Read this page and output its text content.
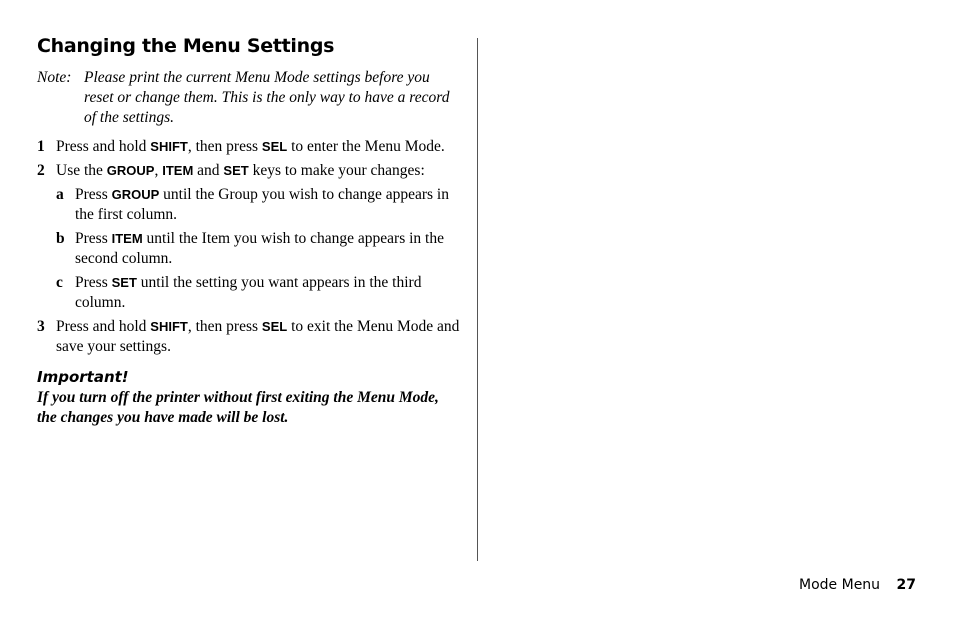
Changing the Menu Settings
Note: Please print the current Menu Mode settings before you reset or change them. This is the only way to have a record of the settings.
1 Press and hold SHIFT, then press SEL to enter the Menu Mode.
2 Use the GROUP, ITEM and SET keys to make your changes:
a Press GROUP until the Group you wish to change appears in the first column.
b Press ITEM until the Item you wish to change appears in the second column.
c Press SET until the setting you want appears in the third column.
3 Press and hold SHIFT, then press SEL to exit the Menu Mode and save your settings.
Important!
If you turn off the printer without first exiting the Menu Mode, the changes you have made will be lost.
Mode Menu 27
